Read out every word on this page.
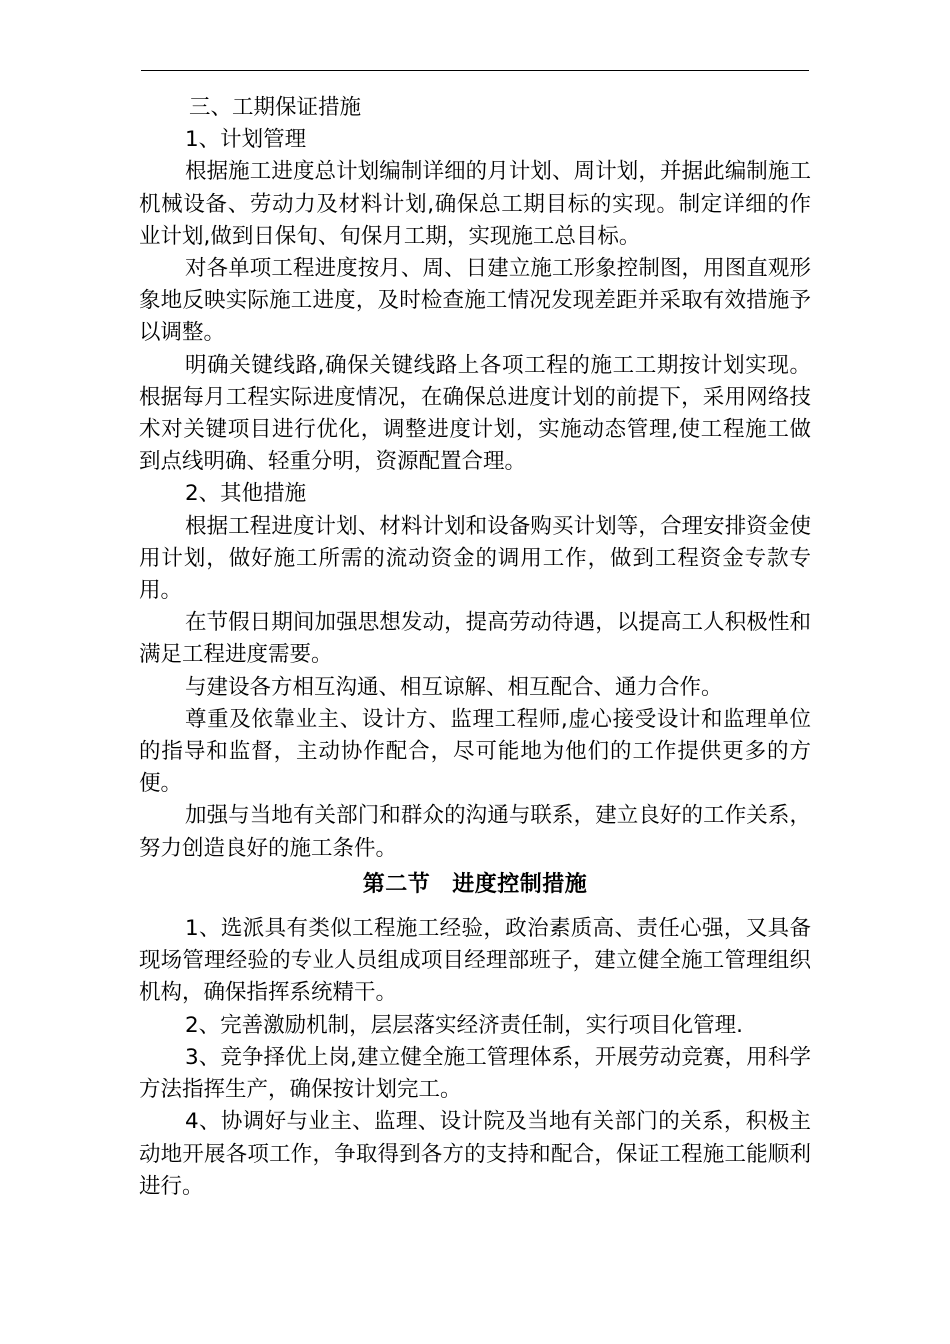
三、工期保证措施

1、计划管理

根据施工进度总计划编制详细的月计划、周计划，并据此编制施工机械设备、劳动力及材料计划,确保总工期目标的实现。制定详细的作业计划,做到日保旬、旬保月工期，实现施工总目标。

对各单项工程进度按月、周、日建立施工形象控制图，用图直观形象地反映实际施工进度，及时检查施工情况发现差距并采取有效措施予以调整。

明确关键线路,确保关键线路上各项工程的施工工期按计划实现。根据每月工程实际进度情况，在确保总进度计划的前提下，采用网络技术对关键项目进行优化，调整进度计划，实施动态管理,使工程施工做到点线明确、轻重分明，资源配置合理。

2、其他措施

根据工程进度计划、材料计划和设备购买计划等，合理安排资金使用计划，做好施工所需的流动资金的调用工作，做到工程资金专款专用。

在节假日期间加强思想发动，提高劳动待遇，以提高工人积极性和满足工程进度需要。

与建设各方相互沟通、相互谅解、相互配合、通力合作。

尊重及依靠业主、设计方、监理工程师,虚心接受设计和监理单位的指导和监督，主动协作配合，尽可能地为他们的工作提供更多的方便。

加强与当地有关部门和群众的沟通与联系，建立良好的工作关系，努力创造良好的施工条件。

第二节 进度控制措施

1、选派具有类似工程施工经验，政治素质高、责任心强，又具备现场管理经验的专业人员组成项目经理部班子，建立健全施工管理组织机构，确保指挥系统精干。

2、完善激励机制，层层落实经济责任制，实行项目化管理.

3、竞争择优上岗,建立健全施工管理体系，开展劳动竞赛，用科学方法指挥生产，确保按计划完工。

4、协调好与业主、监理、设计院及当地有关部门的关系，积极主动地开展各项工作，争取得到各方的支持和配合，保证工程施工能顺利进行。
